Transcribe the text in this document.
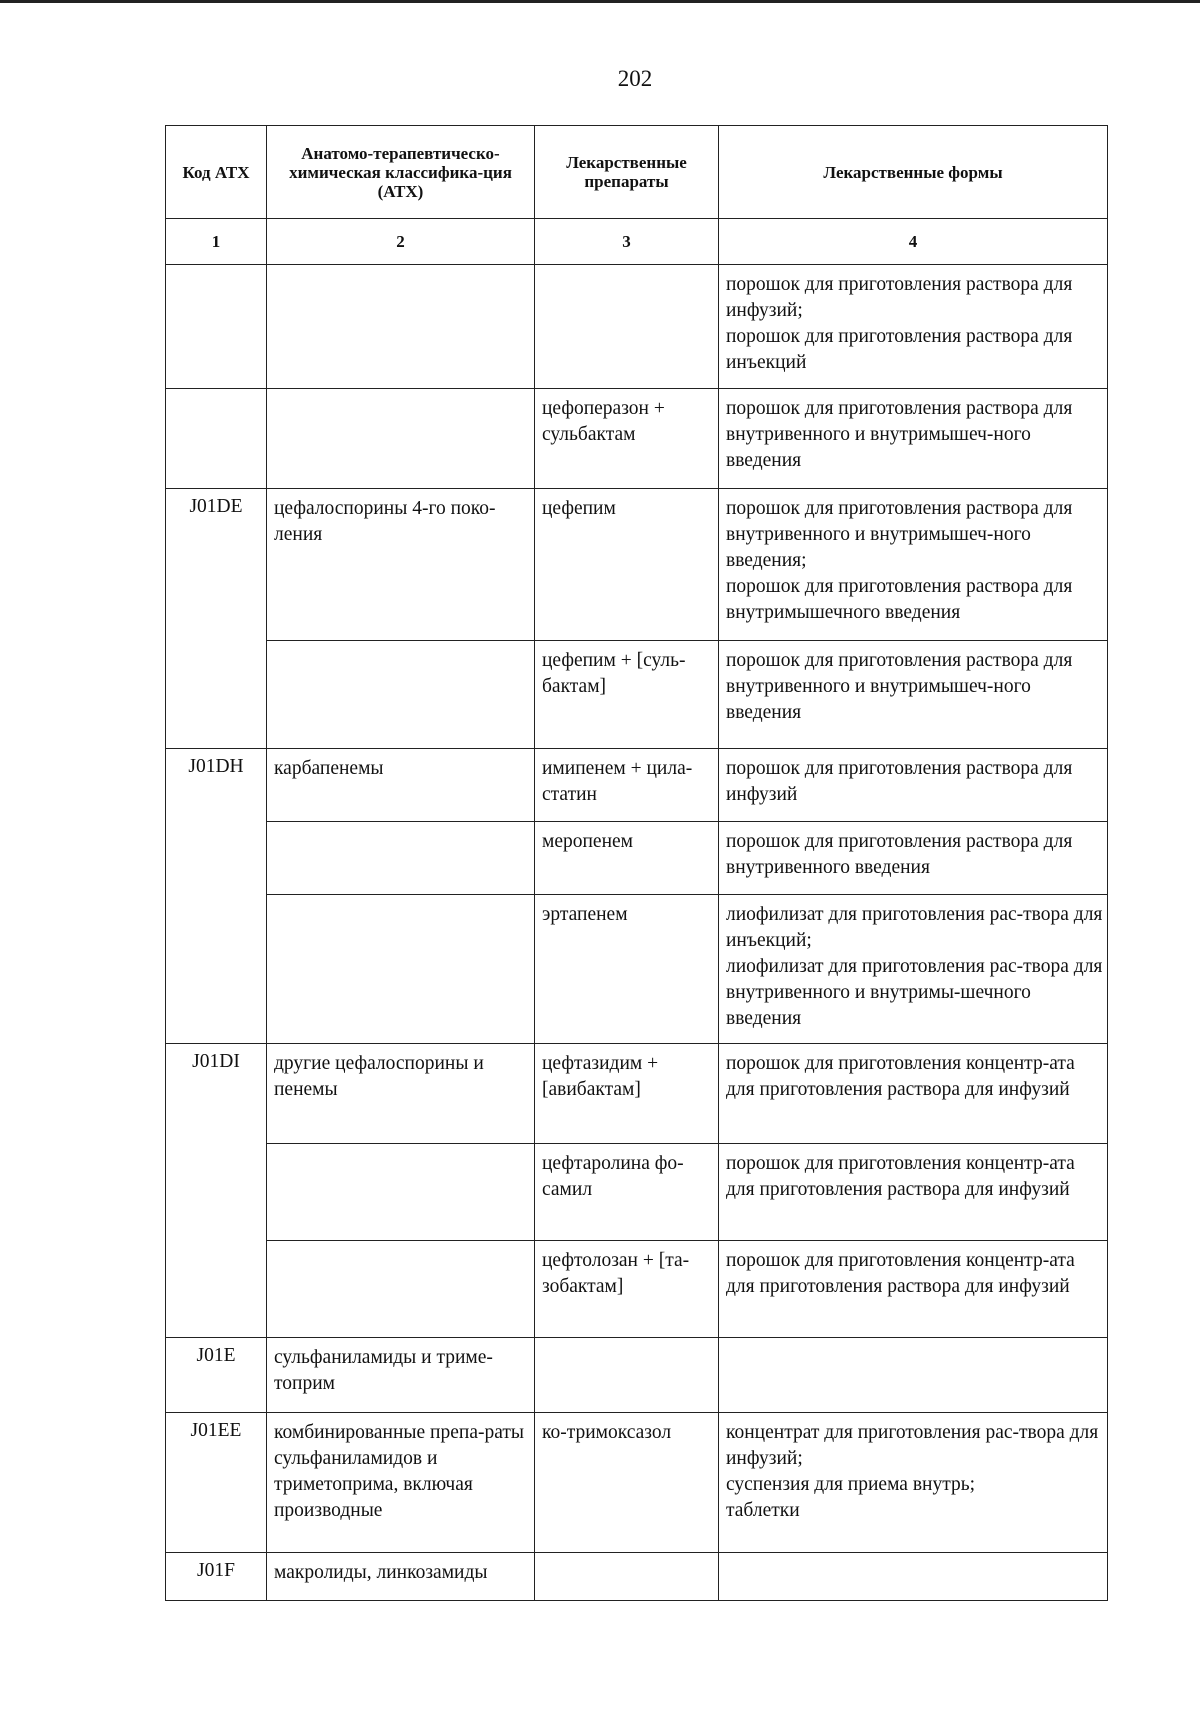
202
Код ATX	Анатомо-терапевтическо-химическая классифика-ция (АТХ)	Лекарственные препараты	Лекарственные формы
1	2	3	4

			порошок для приготовления раствора для инфузий;
порошок для приготовления раствора для инъекций

		цефоперазон + сульбактам	порошок для приготовления раствора для внутривенного и внутримышеч-ного введения

J01DE	цефалоспорины 4-го поко-ления	цефепим	порошок для приготовления раствора для внутривенного и внутримышеч-ного введения;
порошок для приготовления раствора для внутримышечного введения

		цефепим + [суль-бактам]	порошок для приготовления раствора для внутривенного и внутримышеч-ного введения

J01DH	карбапенемы	имипенем + цила-статин	порошок для приготовления раствора для инфузий

		меропенем	порошок для приготовления раствора для внутривенного введения

		эртапенем	лиофилизат для приготовления рас-твора для инъекций;
лиофилизат для приготовления рас-твора для внутривенного и внутримы-шечного введения

J01DI	другие цефалоспорины и пенемы	цефтазидим + [авибактам]	порошок для приготовления концентр-ата для приготовления раствора для инфузий

		цефтаролина фо-самил	порошок для приготовления концентр-ата для приготовления раствора для инфузий

		цефтолозан + [та-зобактам]	порошок для приготовления концентр-ата для приготовления раствора для инфузий

J01E	сульфаниламиды и триме-топрим		

J01EE	комбинированные препа-раты сульфаниламидов и триметоприма, включая производные	ко-тримоксазол	концентрат для приготовления рас-твора для инфузий;
суспензия для приема внутрь;
таблетки

J01F	макролиды, линкозамиды		
